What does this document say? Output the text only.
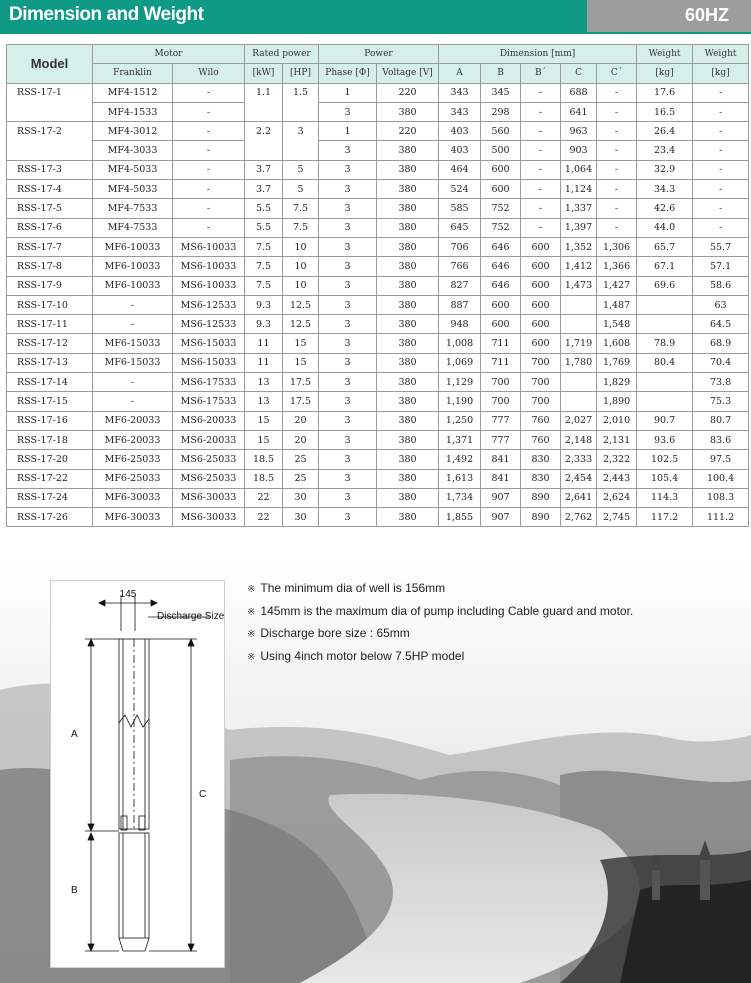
Dimension and Weight	60HZ
Model	Motor		Rated power		Power		Dimension [mm]					Weight	Weight
	Franklin	Wilo	[kW]	[HP]	Phase [Φ]	Voltage [V]	A	B	B´	C	C´	[kg]	[kg]
RSS-17-1	MF4-1512	-	1.1	1.5	1	220	343	345	-	688	-	17.6	-
	MF4-1533	-			3	380	343	298	-	641	-	16.5	-
RSS-17-2	MF4-3012	-	2.2	3	1	220	403	560	-	963	-	26.4	-
	MF4-3033	-			3	380	403	500	-	903	-	23.4	-
RSS-17-3	MF4-5033	-	3.7	5	3	380	464	600	-	1,064	-	32.9	-
RSS-17-4	MF4-5033	-	3.7	5	3	380	524	600	-	1,124	-	34.3	-
RSS-17-5	MF4-7533	-	5.5	7.5	3	380	585	752	-	1,337	-	42.6	-
RSS-17-6	MF4-7533	-	5.5	7.5	3	380	645	752	-	1,397	-	44.0	-
RSS-17-7	MF6-10033	MS6-10033	7.5	10	3	380	706	646	600	1,352	1,306	65.7	55.7
RSS-17-8	MF6-10033	MS6-10033	7.5	10	3	380	766	646	600	1,412	1,366	67.1	57.1
RSS-17-9	MF6-10033	MS6-10033	7.5	10	3	380	827	646	600	1,473	1,427	69.6	58.6
RSS-17-10	-	MS6-12533	9.3	12.5	3	380	887	600	600		1,487		63
RSS-17-11	-	MS6-12533	9.3	12.5	3	380	948	600	600		1,548		64.5
RSS-17-12	MF6-15033	MS6-15033	11	15	3	380	1,008	711	600	1,719	1,608	78.9	68.9
RSS-17-13	MF6-15033	MS6-15033	11	15	3	380	1,069	711	700	1,780	1,769	80.4	70.4
RSS-17-14	-	MS6-17533	13	17.5	3	380	1,129	700	700		1,829		73.8
RSS-17-15	-	MS6-17533	13	17.5	3	380	1,190	700	700		1,890		75.3
RSS-17-16	MF6-20033	MS6-20033	15	20	3	380	1,250	777	760	2,027	2,010	90.7	80.7
RSS-17-18	MF6-20033	MS6-20033	15	20	3	380	1,371	777	760	2,148	2,131	93.6	83.6
RSS-17-20	MF6-25033	MS6-25033	18.5	25	3	380	1,492	841	830	2,333	2,322	102.5	97.5
RSS-17-22	MF6-25033	MS6-25033	18.5	25	3	380	1,613	841	830	2,454	2,443	105.4	100.4
RSS-17-24	MF6-30033	MS6-30033	22	30	3	380	1,734	907	890	2,641	2,624	114.3	108.3
RSS-17-26	MF6-30033	MS6-30033	22	30	3	380	1,855	907	890	2,762	2,745	117.2	111.2
145
Discharge Size
A
B
C
※ The minimum dia of well is 156mm
※ 145mm is the maximum dia of pump including Cable guard and motor.
※ Discharge bore size : 65mm
※ Using 4inch motor below 7.5HP model
